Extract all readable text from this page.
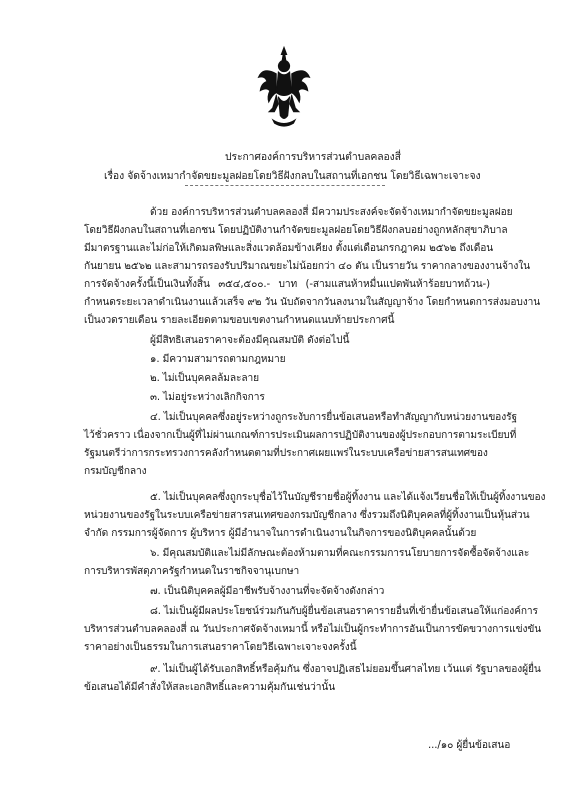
ประกาศองค์การบริหารส่วนตำบลคลองสี่
เรื่อง จัดจ้างเหมากำจัดขยะมูลฝอยโดยวิธีฝังกลบในสถานที่เอกชน โดยวิธีเฉพาะเจาะจง
ด้วย องค์การบริหารส่วนตำบลคลองสี่ มีความประสงค์จะจัดจ้างเหมากำจัดขยะมูลฝอย
โดยวิธีฝังกลบในสถานที่เอกชน โดยปฏิบัติงานกำจัดขยะมูลฝอยโดยวิธีฝังกลบอย่างถูกหลักสุขาภิบาล
มีมาตรฐานและไม่ก่อให้เกิดมลพิษและสิ่งแวดล้อมข้างเคียง ตั้งแต่เดือนกรกฎาคม ๒๕๖๒ ถึงเดือน
กันยายน ๒๕๖๒ และสามารถรองรับปริมาณขยะไม่น้อยกว่า ๔๐ ตัน เป็นรายวัน ราคากลางของงานจ้างใน
การจัดจ้างครั้งนี้เป็นเงินทั้งสิ้น ๓๕๔,๕๐๐.- บาท (-สามแสนห้าหมื่นแปดพันห้าร้อยบาทถ้วน-)
กำหนดระยะเวลาดำเนินงานแล้วเสร็จ ๙๒ วัน นับถัดจากวันลงนามในสัญญาจ้าง โดยกำหนดการส่งมอบงาน
เป็นงวดรายเดือน รายละเอียดตามขอบเขตงานกำหนดแนบท้ายประกาศนี้
ผู้มีสิทธิเสนอราคาจะต้องมีคุณสมบัติ ดังต่อไปนี้
๑. มีความสามารถตามกฎหมาย
๒. ไม่เป็นบุคคลล้มละลาย
๓. ไม่อยู่ระหว่างเลิกกิจการ
๔. ไม่เป็นบุคคลซึ่งอยู่ระหว่างถูกระงับการยื่นข้อเสนอหรือทำสัญญากับหน่วยงานของรัฐ
ไว้ชั่วคราว เนื่องจากเป็นผู้ที่ไม่ผ่านเกณฑ์การประเมินผลการปฏิบัติงานของผู้ประกอบการตามระเบียบที่
รัฐมนตรีว่าการกระทรวงการคลังกำหนดตามที่ประกาศเผยแพร่ในระบบเครือข่ายสารสนเทศของ
กรมบัญชีกลาง
๕. ไม่เป็นบุคคลซึ่งถูกระบุชื่อไว้ในบัญชีรายชื่อผู้ทิ้งงาน และได้แจ้งเวียนชื่อให้เป็นผู้ทิ้งงานของ
หน่วยงานของรัฐในระบบเครือข่ายสารสนเทศของกรมบัญชีกลาง ซึ่งรวมถึงนิติบุคคลที่ผู้ทิ้งงานเป็นหุ้นส่วน
จำกัด กรรมการผู้จัดการ ผู้บริหาร ผู้มีอำนาจในการดำเนินงานในกิจการของนิติบุคคลนั้นด้วย
๖. มีคุณสมบัติและไม่มีลักษณะต้องห้ามตามที่คณะกรรมการนโยบายการจัดซื้อจัดจ้างและ
การบริหารพัสดุภาครัฐกำหนดในราชกิจจานุเบกษา
๗. เป็นนิติบุคคลผู้มีอาชีพรับจ้างงานที่จะจัดจ้างดังกล่าว
๘. ไม่เป็นผู้มีผลประโยชน์ร่วมกันกับผู้ยื่นข้อเสนอราคารายอื่นที่เข้ายื่นข้อเสนอให้แก่องค์การ
บริหารส่วนตำบลคลองสี่ ณ วันประกาศจัดจ้างเหมานี้ หรือไม่เป็นผู้กระทำการอันเป็นการขัดขวางการแข่งขัน
ราคาอย่างเป็นธรรมในการเสนอราคาโดยวิธีเฉพาะเจาะจงครั้งนี้
๙. ไม่เป็นผู้ได้รับเอกสิทธิ์หรือคุ้มกัน ซึ่งอาจปฏิเสธไม่ยอมขึ้นศาลไทย เว้นแต่ รัฐบาลของผู้ยื่น
ข้อเสนอได้มีคำสั่งให้สละเอกสิทธิ์และความคุ้มกันเช่นว่านั้น
.../๑๐ ผู้ยื่นข้อเสนอ
